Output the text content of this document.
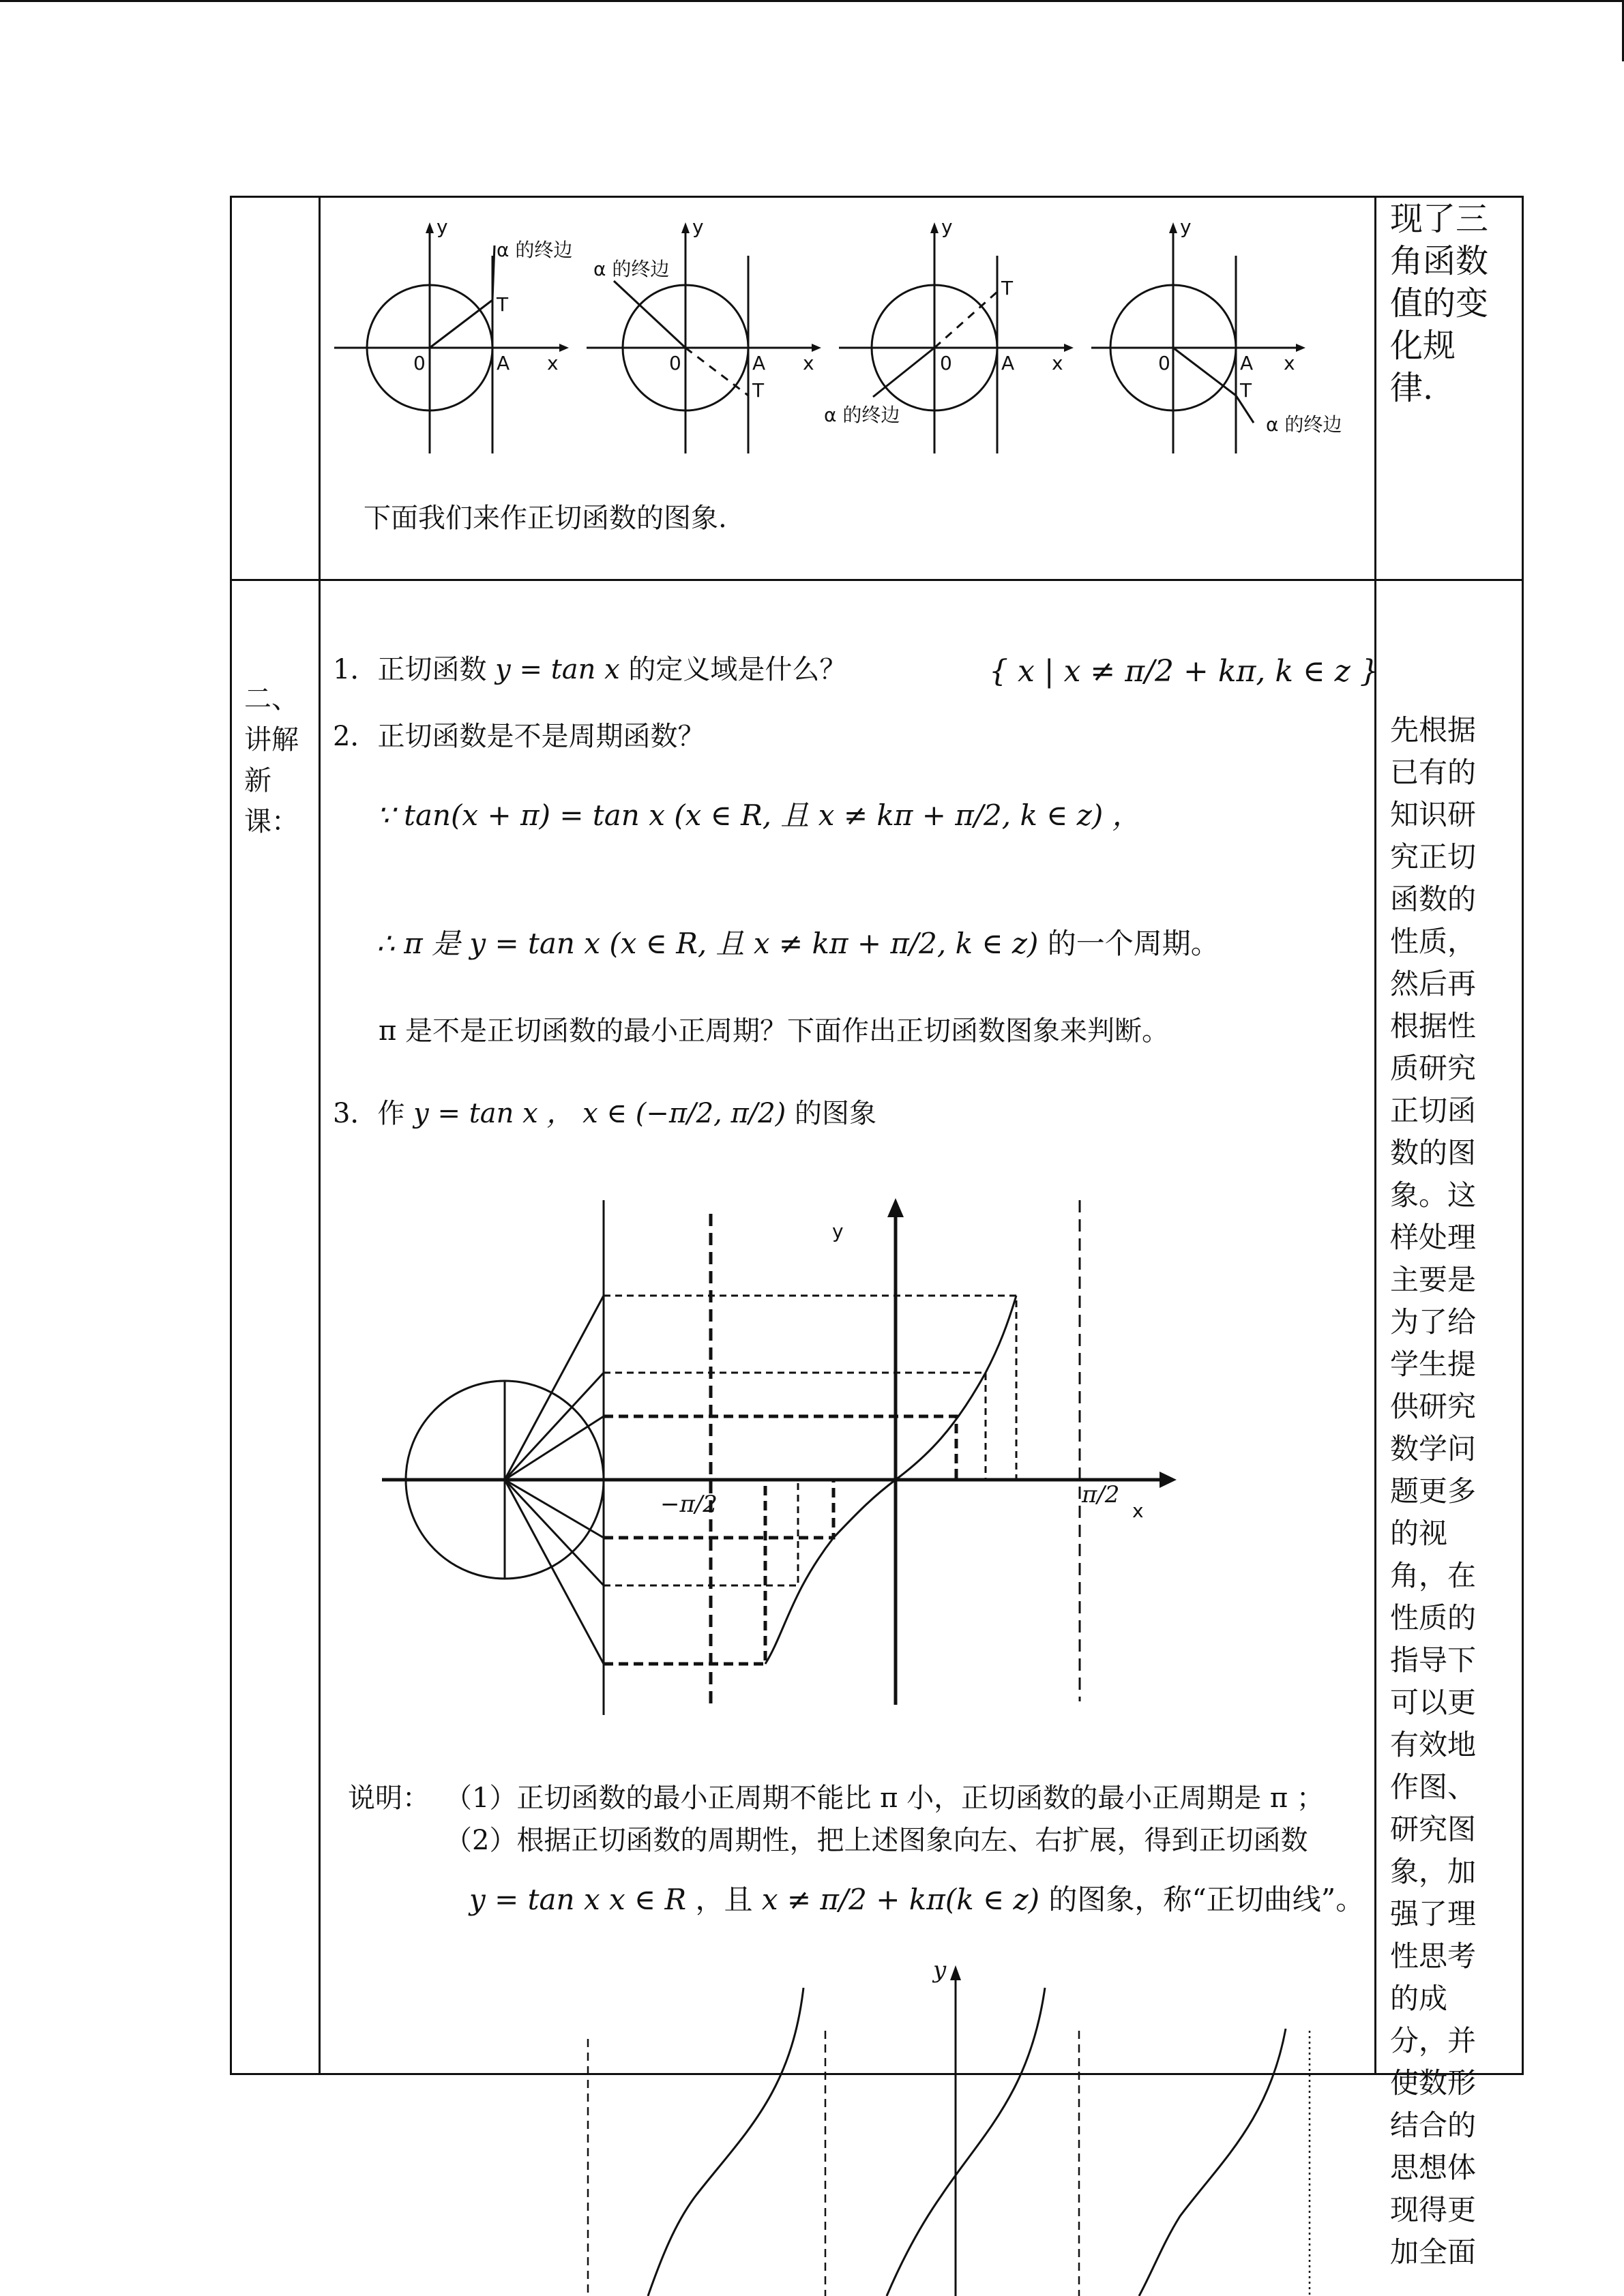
现了三角函数值的变化规律.
y
x
0	A
T
α 的终边
y
x
0	A
T
α 的终边
y
x
0	A
T
α 的终边
y
x
0	A
T
α 的终边
下面我们来作正切函数的图象.
二、讲解新课：
1．正切函数 y = tan x 的定义域是什么？	{ x | x ≠ π/2 + kπ, k ∈ z }
2．正切函数是不是周期函数？
∵ tan(x + π) = tan x (x ∈ R, 且 x ≠ kπ + π/2, k ∈ z) ，
∴ π 是 y = tan x (x ∈ R, 且 x ≠ kπ + π/2, k ∈ z) 的一个周期。
π 是不是正切函数的最小正周期？下面作出正切函数图象来判断。
3．作 y = tan x ， x ∈ (−π/2, π/2) 的图象
y
x
−π/2	π/2
说明： （1）正切函数的最小正周期不能比 π 小，正切函数的最小正周期是 π ；
（2）根据正切函数的周期性，把上述图象向左、右扩展，得到正切函数
y = tan x x ∈ R ，且 x ≠ π/2 + kπ(k ∈ z) 的图象，称“正切曲线”。
先根据已有的知识研究正切函数的性质，然后再根据性质研究正切函数的图象。这样处理主要是为了给学生提供研究数学问题更多的视角，在性质的指导下可以更有效地作图、研究图象，加强了理性思考的成分，并使数形结合的思想体现得更加全面
y
